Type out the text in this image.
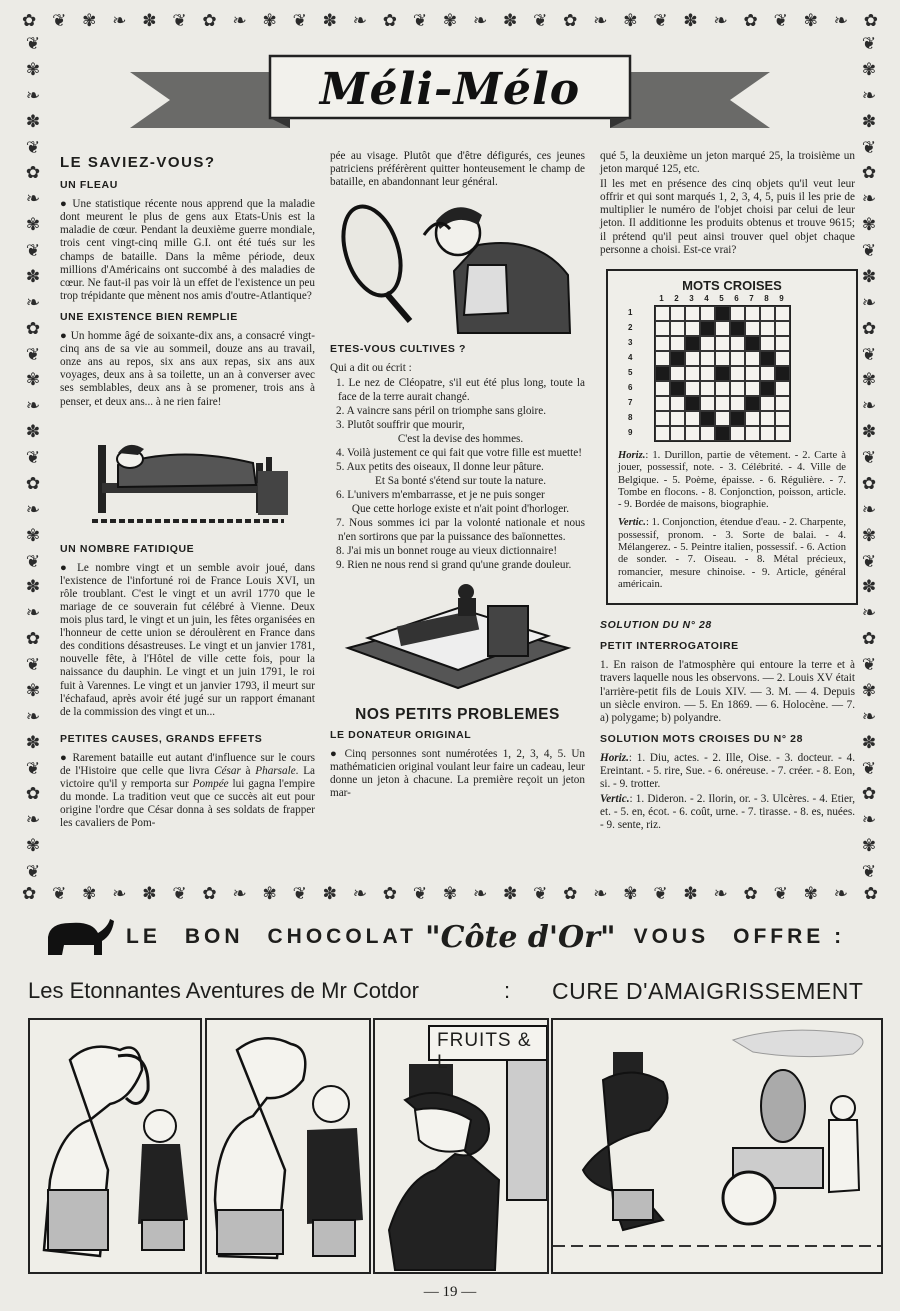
✿ ❦ ✾ ❧ ✽ ❦ ✿ ❧ ✾ ❦ ✽ ❧ ✿ ❦ ✾ ❧ ✽ ❦ ✿ ❧ ✾ ❦ ✽ ❧ ✿ ❦ ✾ ❧ ✿
✿ ❦ ✾ ❧ ✽ ❦ ✿ ❧ ✾ ❦ ✽ ❧ ✿ ❦ ✾ ❧ ✽ ❦ ✿ ❧ ✾ ❦ ✽ ❧ ✿ ❦ ✾ ❧ ✿
❦
✾
❧
✽
❦
✿
❧
✾
❦
✽
❧
✿
❦
✾
❧
✽
❦
✿
❧
✾
❦
✽
❧
✿
❦
✾
❧
✽
❦
✿
❧
✾
❦
❦
✾
❧
✽
❦
✿
❧
✾
❦
✽
❧
✿
❦
✾
❧
✽
❦
✿
❧
✾
❦
✽
❧
✿
❦
✾
❧
✽
❦
✿
❧
✾
❦
Méli-Mélo
LE SAVIEZ-VOUS?
UN FLEAU

● Une statistique récente nous apprend que la maladie dont meurent le plus de gens aux Etats-Unis est la maladie de cœur. Pendant la deuxième guerre mondiale, trois cent vingt-cinq mille G.I. ont été tués sur les champs de bataille. Dans la même période, deux millions d'Américains ont succombé à des maladies de cœur. Ne faut-il pas voir là un effet de l'existence un peu trop trépidante que mènent nos amis d'outre-Atlantique?

UNE EXISTENCE BIEN REMPLIE

● Un homme âgé de soixante-dix ans, a consacré vingt-cinq ans de sa vie au sommeil, douze ans au travail, onze ans au repos, six ans aux repas, six ans aux voyages, deux ans à sa toilette, un an à converser avec ses semblables, deux ans à se promener, trois ans à penser, et deux ans... à ne rien faire!

UN NOMBRE FATIDIQUE

● Le nombre vingt et un semble avoir joué, dans l'existence de l'infortuné roi de France Louis XVI, un rôle troublant. C'est le vingt et un avril 1770 que le mariage de ce souverain fut célébré à Vienne. Deux mois plus tard, le vingt et un juin, les fêtes organisées en l'honneur de cette union se déroulèrent en France dans des conditions désastreuses. Le vingt et un janvier 1781, nouvelle fête, à l'Hôtel de ville cette fois, pour la naissance du dauphin. Le vingt et un juin 1791, le roi fuit à Varennes. Le vingt et un janvier 1793, il meurt sur l'échafaud, après avoir été jugé sur un rapport émanant de la commission des vingt et un...

PETITES CAUSES, GRANDS EFFETS

● Rarement bataille eut autant d'influence sur le cours de l'Histoire que celle que livra César à Pharsale. La victoire qu'il y remporta sur Pompée lui gagna l'empire du monde. La tradition veut que ce succès ait eut pour origine l'ordre que César donna à ses soldats de frapper les cavaliers de Pom-

pée au visage. Plutôt que d'être défigurés, ces jeunes patriciens préférèrent quitter honteusement le champ de bataille, en abandonnant leur général.

ETES-VOUS CULTIVES ?

Qui a dit ou écrit :

1. Le nez de Cléopatre, s'il eut été plus long, toute la face de la terre aurait changé.

2. A vaincre sans péril on triomphe sans gloire.

3. Plutôt souffrir que mourir,

C'est la devise des hommes.

4. Voilà justement ce qui fait que votre fille est muette!

5. Aux petits des oiseaux, Il donne leur pâture.

Et Sa bonté s'étend sur toute la nature.

6. L'univers m'embarrasse, et je ne puis songer

Que cette horloge existe et n'ait point d'horloger.

7. Nous sommes ici par la volonté nationale et nous n'en sortirons que par la puissance des baïonnettes.

8. J'ai mis un bonnet rouge au vieux dictionnaire!

9. Rien ne nous rend si grand qu'une grande douleur.

NOS PETITS PROBLEMES
LE DONATEUR ORIGINAL

● Cinq personnes sont numérotées 1, 2, 3, 4, 5. Un mathématicien original voulant leur faire un cadeau, leur donne un jeton à chacune. La première reçoit un jeton mar-

qué 5, la deuxième un jeton marqué 25, la troisième un jeton marqué 125, etc.

Il les met en présence des cinq objets qu'il veut leur offrir et qui sont marqués 1, 2, 3, 4, 5, puis il les prie de multiplier le numéro de l'objet choisi par celui de leur jeton. Il additionne les produits obtenus et trouve 9615; il prétend qu'il peut ainsi trouver quel objet chaque personne a choisi. Est-ce vrai?

MOTS CROISES
1	2	3	4	5	6	7	8	9
1
2
3
4
5
6
7
8
9

Horiz.: 1. Durillon, partie de vêtement. - 2. Carte à jouer, possessif, note. - 3. Célébrité. - 4. Ville de Belgique. - 5. Poème, épaisse. - 6. Régulière. - 7. Tombe en flocons. - 8. Conjonction, poisson, article. - 9. Bordée de maisons, biographie.

Vertic.: 1. Conjonction, étendue d'eau. - 2. Charpente, possessif, pronom. - 3. Sorte de balai. - 4. Mélangerez. - 5. Peintre italien, possessif. - 6. Action de sonder. - 7. Oiseau. - 8. Métal précieux, romancier, mesure chinoise. - 9. Article, général américain.

SOLUTION DU N° 28
PETIT INTERROGATOIRE

1. En raison de l'atmosphère qui entoure la terre et à travers laquelle nous les observons. — 2. Louis XV était l'arrière-petit fils de Louis XIV. — 3. M. — 4. Depuis un siècle environ. — 5. En 1869. — 6. Holocène. — 7. a) polygame; b) polyandre.

SOLUTION MOTS CROISES DU N° 28

Horiz.: 1. Diu, actes. - 2. Ille, Oise. - 3. docteur. - 4. Ereintant. - 5. rire, Sue. - 6. onéreuse. - 7. créer. - 8. Eon, si. - 9. trotter.

Vertic.: 1. Dideron. - 2. Ilorin, or. - 3. Ulcères. - 4. Etier, et. - 5. en, écot. - 6. coût, urne. - 7. tirasse. - 8. es, nuées. - 9. sente, riz.

LE BON CHOCOLAT "Côte d'Or" VOUS OFFRE :
Les Etonnantes Aventures de Mr Cotdor	: CURE D'AMAIGRISSEMENT
FRUITS & L
— 19 —
